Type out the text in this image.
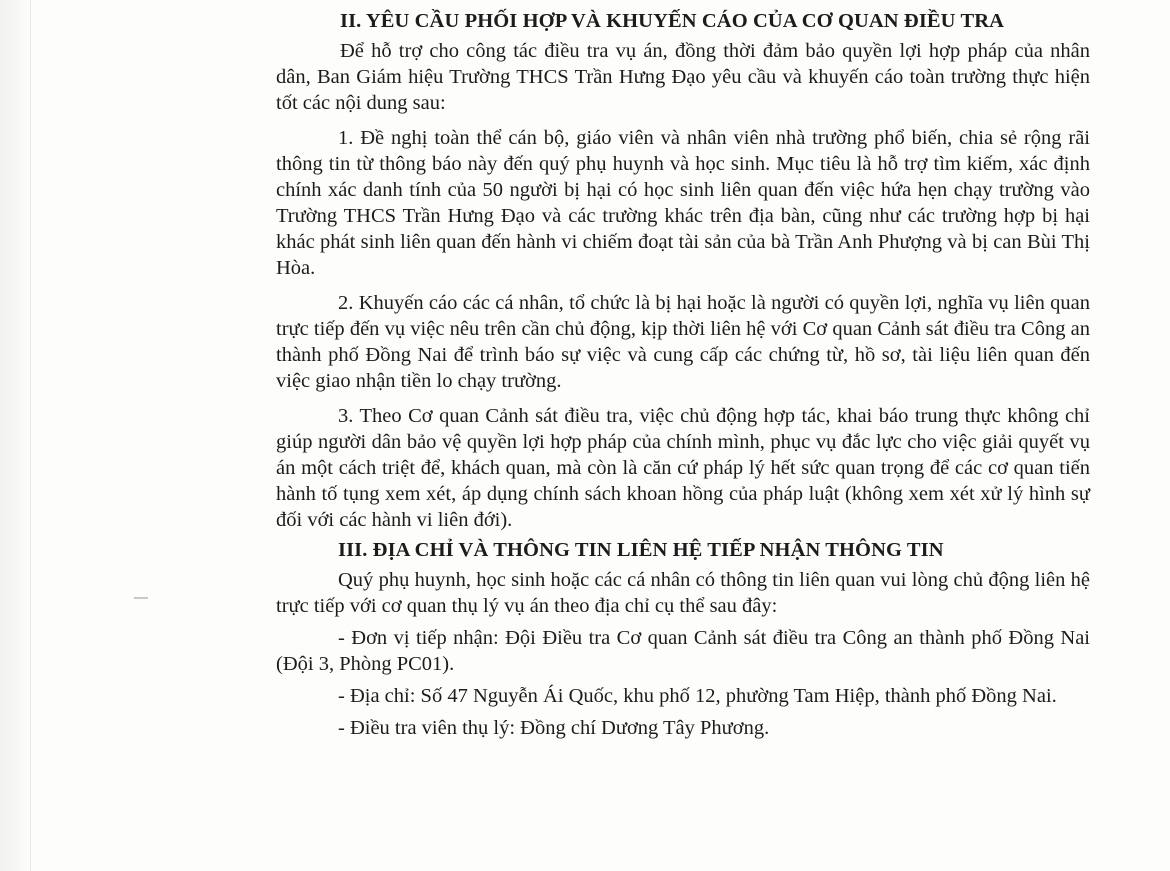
II. YÊU CẦU PHỐI HỢP VÀ KHUYẾN CÁO CỦA CƠ QUAN ĐIỀU TRA

Để hỗ trợ cho công tác điều tra vụ án, đồng thời đảm bảo quyền lợi hợp pháp của nhân dân, Ban Giám hiệu Trường THCS Trần Hưng Đạo yêu cầu và khuyến cáo toàn trường thực hiện tốt các nội dung sau:

1. Đề nghị toàn thể cán bộ, giáo viên và nhân viên nhà trường phổ biến, chia sẻ rộng rãi thông tin từ thông báo này đến quý phụ huynh và học sinh. Mục tiêu là hỗ trợ tìm kiếm, xác định chính xác danh tính của 50 người bị hại có học sinh liên quan đến việc hứa hẹn chạy trường vào Trường THCS Trần Hưng Đạo và các trường khác trên địa bàn, cũng như các trường hợp bị hại khác phát sinh liên quan đến hành vi chiếm đoạt tài sản của bà Trần Anh Phượng và bị can Bùi Thị Hòa.

2. Khuyến cáo các cá nhân, tổ chức là bị hại hoặc là người có quyền lợi, nghĩa vụ liên quan trực tiếp đến vụ việc nêu trên cần chủ động, kịp thời liên hệ với Cơ quan Cảnh sát điều tra Công an thành phố Đồng Nai để trình báo sự việc và cung cấp các chứng từ, hồ sơ, tài liệu liên quan đến việc giao nhận tiền lo chạy trường.

3. Theo Cơ quan Cảnh sát điều tra, việc chủ động hợp tác, khai báo trung thực không chỉ giúp người dân bảo vệ quyền lợi hợp pháp của chính mình, phục vụ đắc lực cho việc giải quyết vụ án một cách triệt để, khách quan, mà còn là căn cứ pháp lý hết sức quan trọng để các cơ quan tiến hành tố tụng xem xét, áp dụng chính sách khoan hồng của pháp luật (không xem xét xử lý hình sự đối với các hành vi liên đới).

III. ĐỊA CHỈ VÀ THÔNG TIN LIÊN HỆ TIẾP NHẬN THÔNG TIN

Quý phụ huynh, học sinh hoặc các cá nhân có thông tin liên quan vui lòng chủ động liên hệ trực tiếp với cơ quan thụ lý vụ án theo địa chỉ cụ thể sau đây:

- Đơn vị tiếp nhận: Đội Điều tra Cơ quan Cảnh sát điều tra Công an thành phố Đồng Nai (Đội 3, Phòng PC01).

- Địa chỉ: Số 47 Nguyễn Ái Quốc, khu phố 12, phường Tam Hiệp, thành phố Đồng Nai.

- Điều tra viên thụ lý: Đồng chí Dương Tây Phương.
